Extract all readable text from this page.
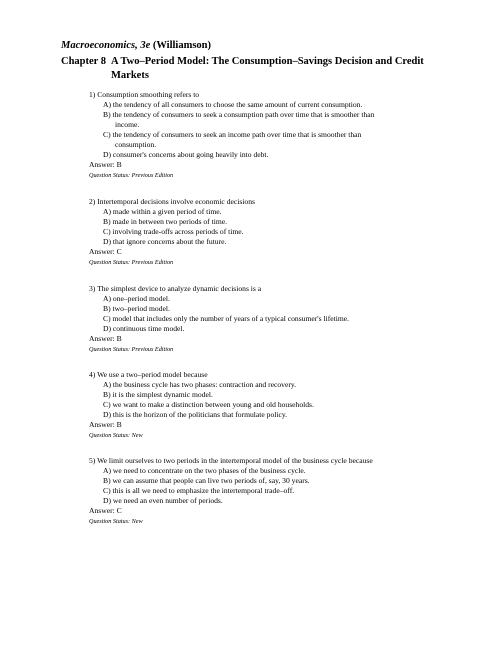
Macroeconomics, 3e (Williamson)
Chapter 8 A Two–Period Model: The Consumption–Savings Decision and Credit
Markets
1) Consumption smoothing refers to
A) the tendency of all consumers to choose the same amount of current consumption.
B) the tendency of consumers to seek a consumption path over time that is smoother than
income.
C) the tendency of consumers to seek an income path over time that is smoother than
consumption.
D) consumer's concerns about going heavily into debt.
Answer: B
Question Status: Previous Edition
2) Intertemporal decisions involve economic decisions
A) made within a given period of time.
B) made in between two periods of time.
C) involving trade-offs across periods of time.
D) that ignore concerns about the future.
Answer: C
Question Status: Previous Edition
3) The simplest device to analyze dynamic decisions is a
A) one–period model.
B) two–period model.
C) model that includes only the number of years of a typical consumer's lifetime.
D) continuous time model.
Answer: B
Question Status: Previous Edition
4) We use a two–period model because
A) the business cycle has two phases: contraction and recovery.
B) it is the simplest dynamic model.
C) we want to make a distinction between young and old households.
D) this is the horizon of the politicians that formulate policy.
Answer: B
Question Status: New
5) We limit ourselves to two periods in the intertemporal model of the business cycle because
A) we need to concentrate on the two phases of the business cycle.
B) we can assume that people can live two periods of, say, 30 years.
C) this is all we need to emphasize the intertemporal trade–off.
D) we need an even number of periods.
Answer: C
Question Status: New
